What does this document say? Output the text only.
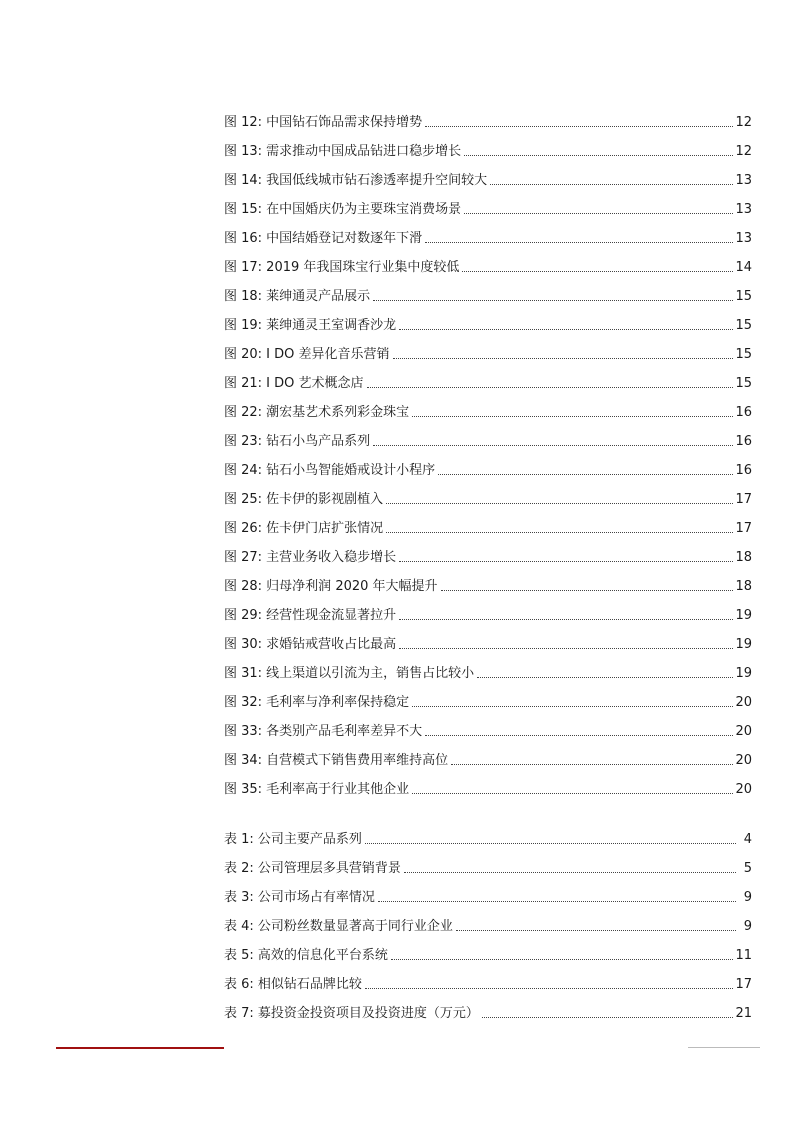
图 12: 中国钻石饰品需求保持增势	12
图 13: 需求推动中国成品钻进口稳步增长	12
图 14: 我国低线城市钻石渗透率提升空间较大	13
图 15: 在中国婚庆仍为主要珠宝消费场景	13
图 16: 中国结婚登记对数逐年下滑	13
图 17: 2019 年我国珠宝行业集中度较低	14
图 18: 莱绅通灵产品展示	15
图 19: 莱绅通灵王室调香沙龙	15
图 20: I DO 差异化音乐营销	15
图 21: I DO 艺术概念店	15
图 22: 潮宏基艺术系列彩金珠宝	16
图 23: 钻石小鸟产品系列	16
图 24: 钻石小鸟智能婚戒设计小程序	16
图 25: 佐卡伊的影视剧植入	17
图 26: 佐卡伊门店扩张情况	17
图 27: 主营业务收入稳步增长	18
图 28: 归母净利润 2020 年大幅提升	18
图 29: 经营性现金流显著拉升	19
图 30: 求婚钻戒营收占比最高	19
图 31: 线上渠道以引流为主，销售占比较小	19
图 32: 毛利率与净利率保持稳定	20
图 33: 各类别产品毛利率差异不大	20
图 34: 自营模式下销售费用率维持高位	20
图 35: 毛利率高于行业其他企业	20
表 1: 公司主要产品系列	4
表 2: 公司管理层多具营销背景	5
表 3: 公司市场占有率情况	9
表 4: 公司粉丝数量显著高于同行业企业	9
表 5: 高效的信息化平台系统	11
表 6: 相似钻石品牌比较	17
表 7: 募投资金投资项目及投资进度（万元）	21
